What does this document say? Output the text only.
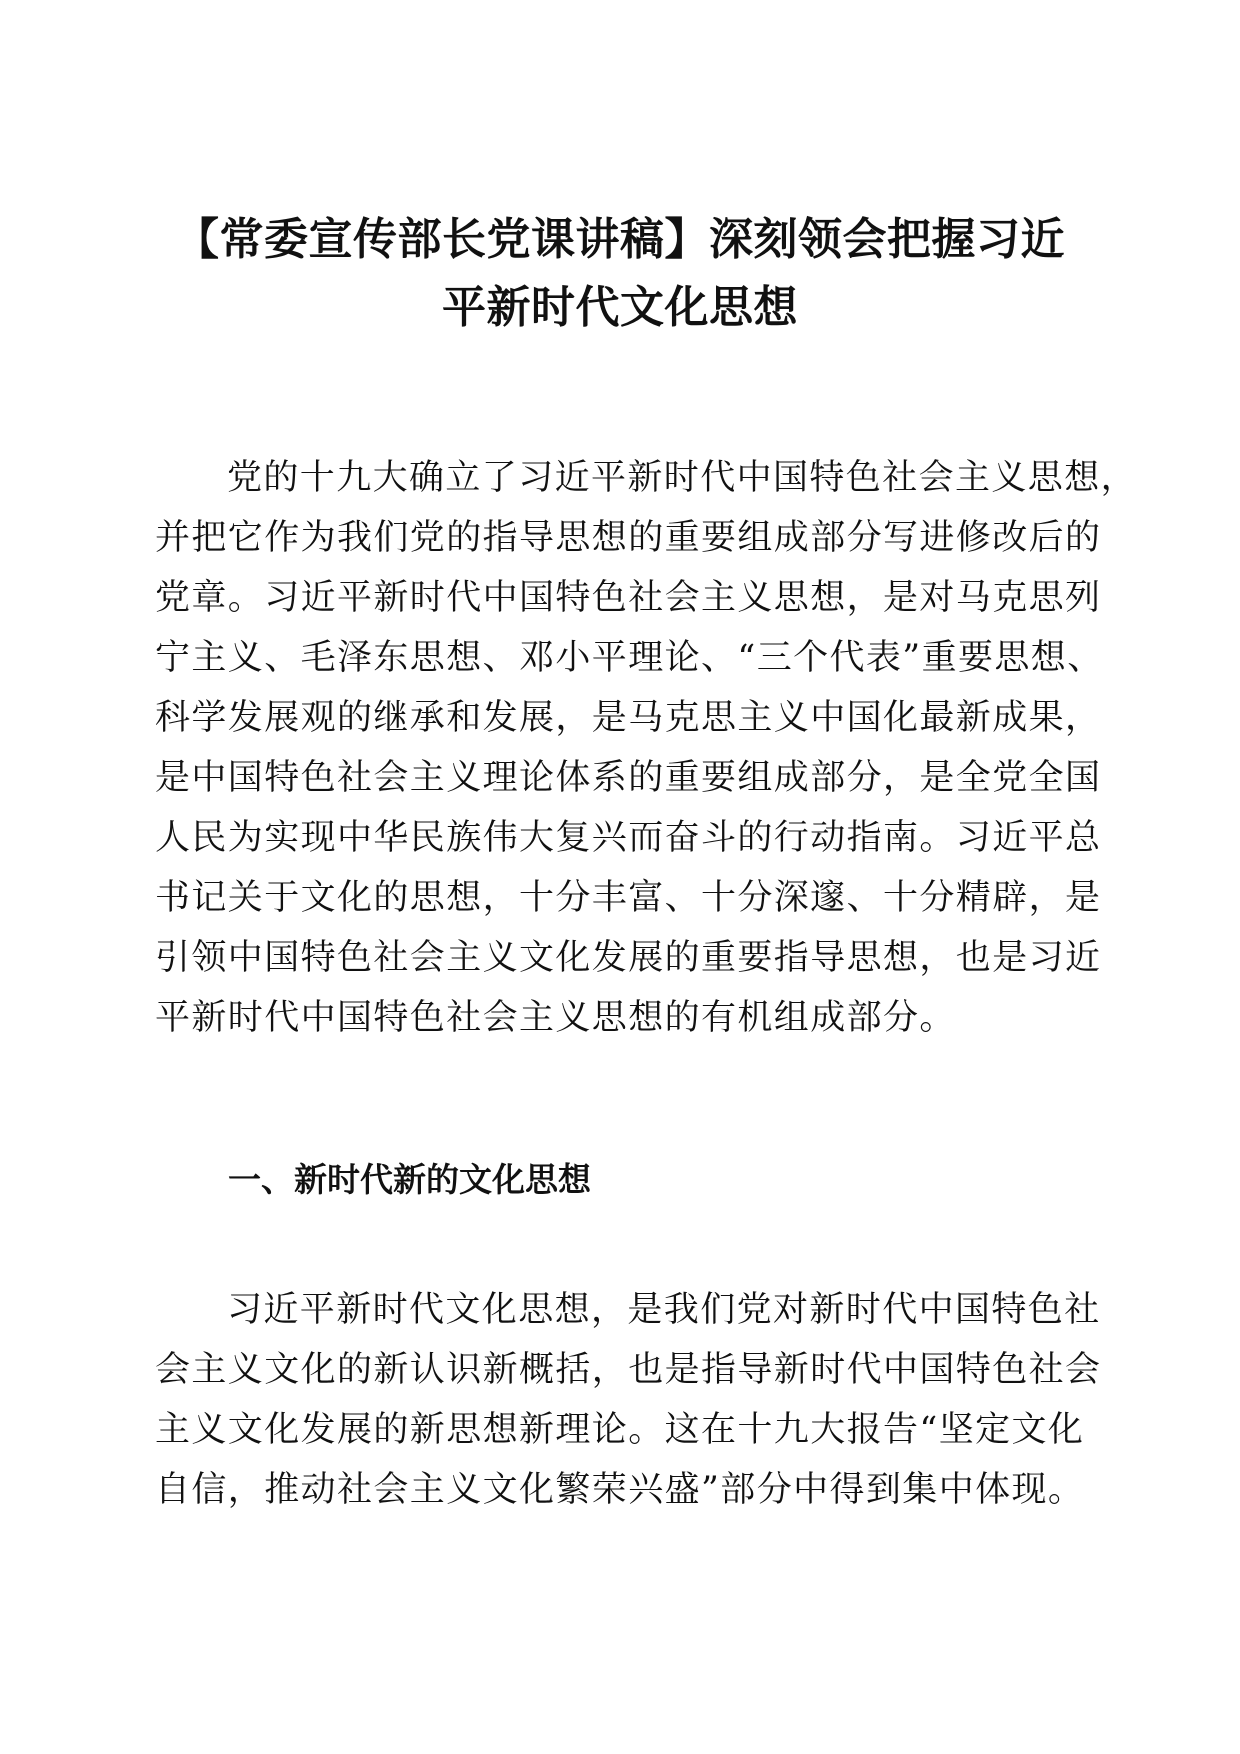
【常委宣传部长党课讲稿】深刻领会把握习近
平新时代文化思想

党的十九大确立了习近平新时代中国特色社会主义思想，
并把它作为我们党的指导思想的重要组成部分写进修改后的
党章。习近平新时代中国特色社会主义思想，是对马克思列
宁主义、毛泽东思想、邓小平理论、“三个代表”重要思想、
科学发展观的继承和发展，是马克思主义中国化最新成果，
是中国特色社会主义理论体系的重要组成部分，是全党全国
人民为实现中华民族伟大复兴而奋斗的行动指南。习近平总
书记关于文化的思想，十分丰富、十分深邃、十分精辟，是
引领中国特色社会主义文化发展的重要指导思想，也是习近
平新时代中国特色社会主义思想的有机组成部分。

一、新时代新的文化思想

习近平新时代文化思想，是我们党对新时代中国特色社
会主义文化的新认识新概括，也是指导新时代中国特色社会
主义文化发展的新思想新理论。这在十九大报告“坚定文化
自信，推动社会主义文化繁荣兴盛”部分中得到集中体现。
